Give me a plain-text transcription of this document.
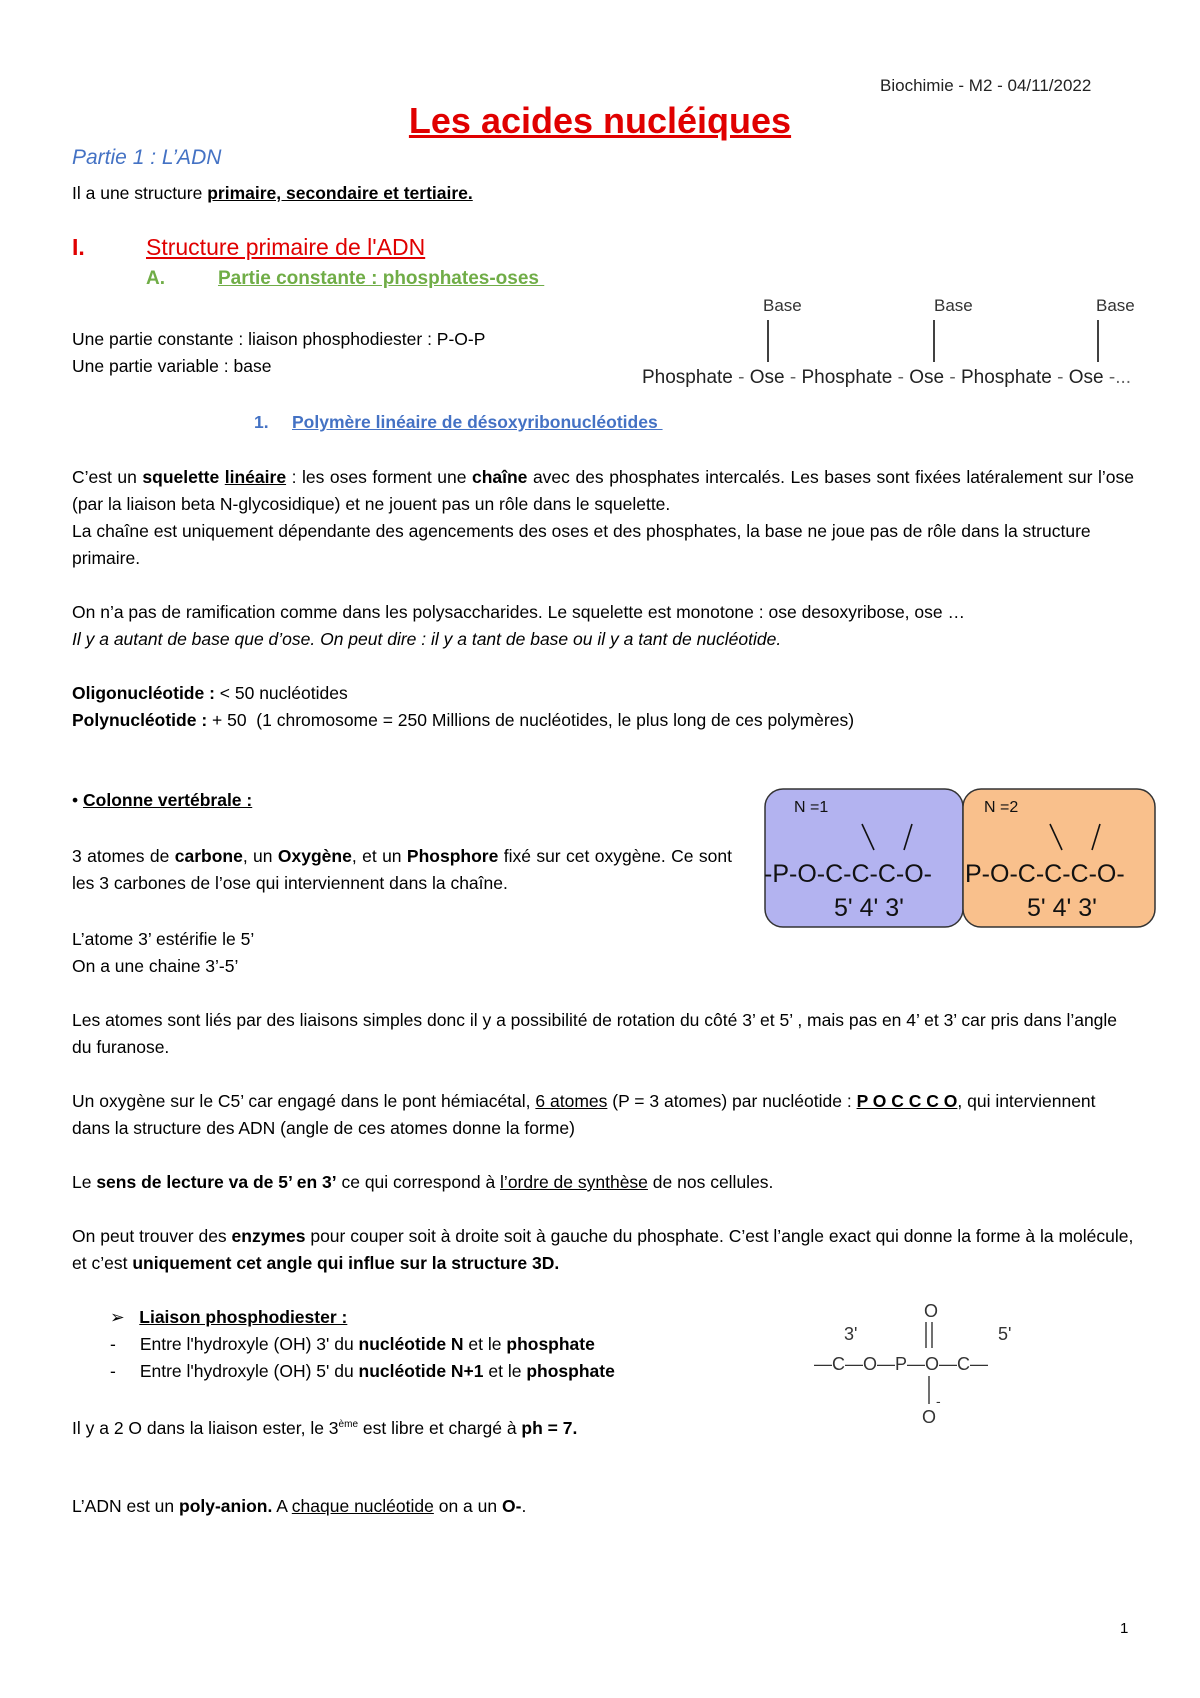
Biochimie - M2 - 04/11/2022
Les acides nucléiques
Partie 1 : L’ADN
Il a une structure primaire, secondaire et tertiaire.
I.	Structure primaire de l'ADN
A.	Partie constante : phosphates-oses
Une partie constante : liaison phosphodiester : P-O-P
Une partie variable : base
Base	Base	Base
Phosphate - Ose - Phosphate - Ose - Phosphate - Ose -...
1. Polymère linéaire de désoxyribonucléotides
C’est un squelette linéaire : les oses forment une chaîne avec des phosphates intercalés. Les bases sont fixées latéralement sur l’ose (par la liaison beta N-glycosidique) et ne jouent pas un rôle dans le squelette.
La chaîne est uniquement dépendante des agencements des oses et des phosphates, la base ne joue pas de rôle dans la structure primaire.
On n’a pas de ramification comme dans les polysaccharides. Le squelette est monotone : ose desoxyribose, ose …
Il y a autant de base que d’ose. On peut dire : il y a tant de base ou il y a tant de nucléotide.
Oligonucléotide : < 50 nucléotides
Polynucléotide : + 50  (1 chromosome = 250 Millions de nucléotides, le plus long de ces polymères)
• Colonne vertébrale :
3 atomes de carbone, un Oxygène, et un Phosphore fixé sur cet oxygène. Ce sont les 3 carbones de l’ose qui interviennent dans la chaîne.
L’atome 3’ estérifie le 5’
On a une chaine 3’-5’
N =1	N =2
-P-O-C-C-C-O- P-O-C-C-C-O-
5' 4' 3'	5' 4' 3'
Les atomes sont liés par des liaisons simples donc il y a possibilité de rotation du côté 3’ et 5’ , mais pas en 4’ et 3’ car pris dans l’angle du furanose.
Un oxygène sur le C5’ car engagé dans le pont hémiacétal, 6 atomes (P = 3 atomes) par nucléotide : P O C C C O, qui interviennent dans la structure des ADN (angle de ces atomes donne la forme)
Le sens de lecture va de 5’ en 3’ ce qui correspond à l’ordre de synthèse de nos cellules.
On peut trouver des enzymes pour couper soit à droite soit à gauche du phosphate. C’est l’angle exact qui donne la forme à la molécule, et c’est uniquement cet angle qui influe sur la structure 3D.
➢ Liaison phosphodiester :
- Entre l'hydroxyle (OH) 3' du nucléotide N et le phosphate
- Entre l'hydroxyle (OH) 5' du nucléotide N+1 et le phosphate
O
3'	5'
—C—O—P—O—C—
O
-
Il y a 2 O dans la liaison ester, le 3ème est libre et chargé à ph = 7.
L’ADN est un poly-anion. A chaque nucléotide on a un O-.
1
